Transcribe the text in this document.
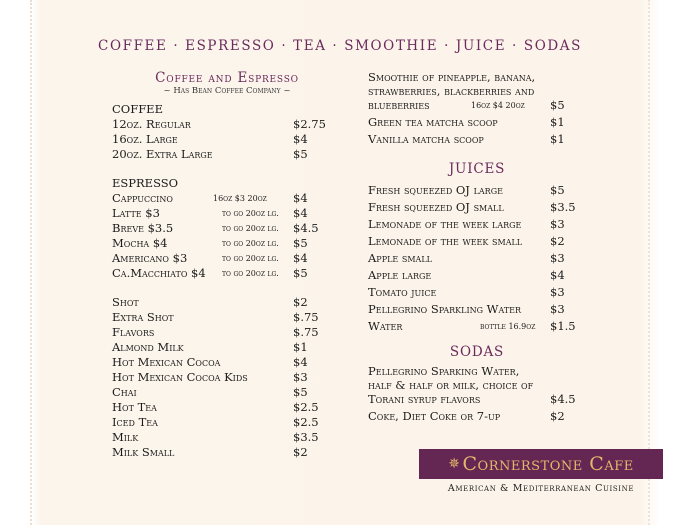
COFFEE · ESPRESSO · TEA · SMOOTHIE · JUICE · SODAS
Coffee and Espresso
~ Has Bean Coffee Company ~
COFFEE
12oz. Regular	$2.75
16oz. Large	$4
20oz. Extra Large	$5
ESPRESSO
Cappuccino	16oz $3 20oz $4
Latte $3	to go 20oz lg. $4
Breve $3.5	to go 20oz lg. $4.5
Mocha $4	to go 20oz lg. $5
Americano $3	to go 20oz lg. $4
Ca.Macchiato $4 to go 20oz lg. $5
Shot	$2
Extra Shot	$.75
Flavors	$.75
Almond Milk	$1
Hot Mexican Cocoa	$4
Hot Mexican Cocoa Kids	$3
Chai	$5
Hot Tea	$2.5
Iced Tea	$2.5
Milk	$3.5
Milk Small	$2
Smoothie of pineapple, banana,
strawberries, blackberries and
blueberries	16oz $4 20oz $5
Green tea matcha scoop	$1
Vanilla matcha scoop	$1
JUICES
Fresh squeezed OJ large	$5
Fresh squeezed OJ small	$3.5
Lemonade of the week large $3
Lemonade of the week small $2
Apple small	$3
Apple large	$4
Tomato juice	$3
Pellegrino Sparkling Water	$3
Water	bottle 16.9oz $1.5
SODAS
Pellegrino Sparking Water,
half & half or milk, choice of
Torani syrup flavors	$4.5
Coke, Diet Coke or 7-up	$2
✵ Cornerstone Cafe
American & Mediterranean Cuisine
